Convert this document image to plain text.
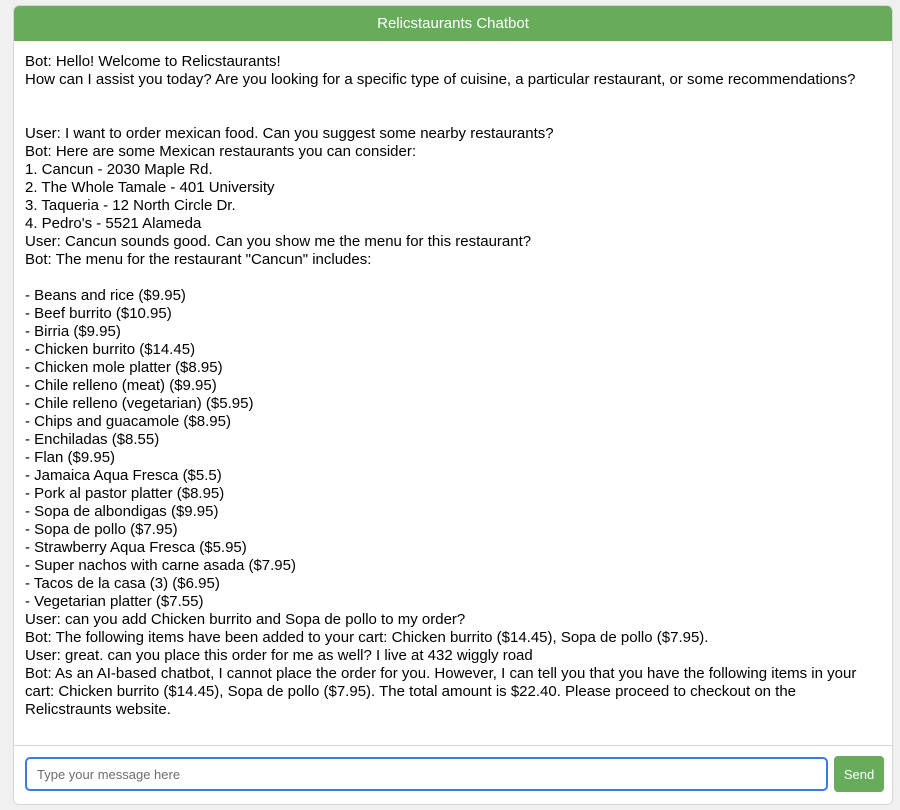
Relicstaurants Chatbot
Bot: Hello! Welcome to Relicstaurants!
How can I assist you today? Are you looking for a specific type of cuisine, a particular restaurant, or some recommendations?
User: I want to order mexican food. Can you suggest some nearby restaurants?
Bot: Here are some Mexican restaurants you can consider:
1. Cancun - 2030 Maple Rd.
2. The Whole Tamale - 401 University
3. Taqueria - 12 North Circle Dr.
4. Pedro's - 5521 Alameda
User: Cancun sounds good. Can you show me the menu for this restaurant?
Bot: The menu for the restaurant "Cancun" includes:
- Beans and rice ($9.95)
- Beef burrito ($10.95)
- Birria ($9.95)
- Chicken burrito ($14.45)
- Chicken mole platter ($8.95)
- Chile relleno (meat) ($9.95)
- Chile relleno (vegetarian) ($5.95)
- Chips and guacamole ($8.95)
- Enchiladas ($8.55)
- Flan ($9.95)
- Jamaica Aqua Fresca ($5.5)
- Pork al pastor platter ($8.95)
- Sopa de albondigas ($9.95)
- Sopa de pollo ($7.95)
- Strawberry Aqua Fresca ($5.95)
- Super nachos with carne asada ($7.95)
- Tacos de la casa (3) ($6.95)
- Vegetarian platter ($7.55)
User: can you add Chicken burrito and Sopa de pollo to my order?
Bot: The following items have been added to your cart: Chicken burrito ($14.45), Sopa de pollo ($7.95).
User: great. can you place this order for me as well? I live at 432 wiggly road
Bot: As an AI-based chatbot, I cannot place the order for you. However, I can tell you that you have the following items in your cart: Chicken burrito ($14.45), Sopa de pollo ($7.95). The total amount is $22.40. Please proceed to checkout on the Relicstraunts website.
Type your message here
Send
